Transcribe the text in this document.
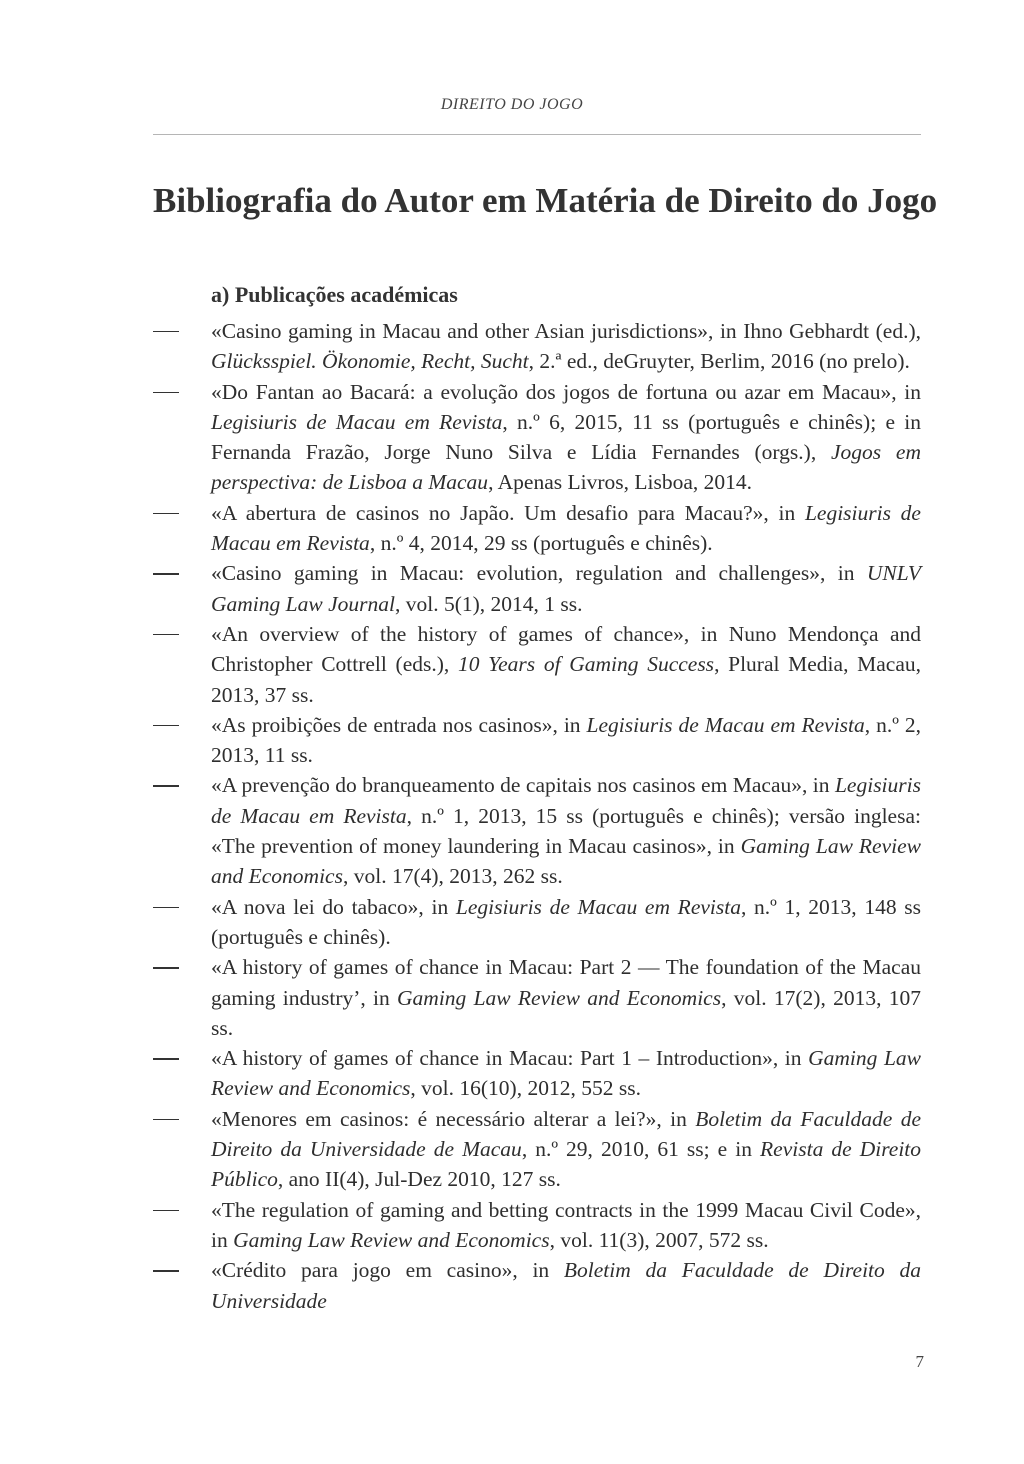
DIREITO DO JOGO
Bibliografia do Autor em Matéria de Direito do Jogo
a) Publicações académicas
«Casino gaming in Macau and other Asian jurisdictions», in Ihno Gebhardt (ed.), Glücksspiel. Ökonomie, Recht, Sucht, 2.ª ed., deGruyter, Berlim, 2016 (no prelo).
«Do Fantan ao Bacará: a evolução dos jogos de fortuna ou azar em Macau», in Legisiuris de Macau em Revista, n.º 6, 2015, 11 ss (português e chinês); e in Fernanda Frazão, Jorge Nuno Silva e Lídia Fernandes (orgs.), Jogos em perspectiva: de Lisboa a Macau, Apenas Livros, Lisboa, 2014.
«A abertura de casinos no Japão. Um desafio para Macau?», in Legisiuris de Macau em Revista, n.º 4, 2014, 29 ss (português e chinês).
«Casino gaming in Macau: evolution, regulation and challenges», in UNLV Gaming Law Journal, vol. 5(1), 2014, 1 ss.
«An overview of the history of games of chance», in Nuno Mendonça and Christopher Cottrell (eds.), 10 Years of Gaming Success, Plural Media, Macau, 2013, 37 ss.
«As proibições de entrada nos casinos», in Legisiuris de Macau em Revista, n.º 2, 2013, 11 ss.
«A prevenção do branqueamento de capitais nos casinos em Macau», in Legisiuris de Macau em Revista, n.º 1, 2013, 15 ss (português e chinês); versão inglesa: «The prevention of money laundering in Macau casinos», in Gaming Law Review and Economics, vol. 17(4), 2013, 262 ss.
«A nova lei do tabaco», in Legisiuris de Macau em Revista, n.º 1, 2013, 148 ss (português e chinês).
«A history of games of chance in Macau: Part 2 — The foundation of the Macau gaming industry’, in Gaming Law Review and Economics, vol. 17(2), 2013, 107 ss.
«A history of games of chance in Macau: Part 1 – Introduction», in Gaming Law Review and Economics, vol. 16(10), 2012, 552 ss.
«Menores em casinos: é necessário alterar a lei?», in Boletim da Faculdade de Direito da Universidade de Macau, n.º 29, 2010, 61 ss; e in Revista de Direito Público, ano II(4), Jul-Dez 2010, 127 ss.
«The regulation of gaming and betting contracts in the 1999 Macau Civil Code», in Gaming Law Review and Economics, vol. 11(3), 2007, 572 ss.
«Crédito para jogo em casino», in Boletim da Faculdade de Direito da Universidade
7
